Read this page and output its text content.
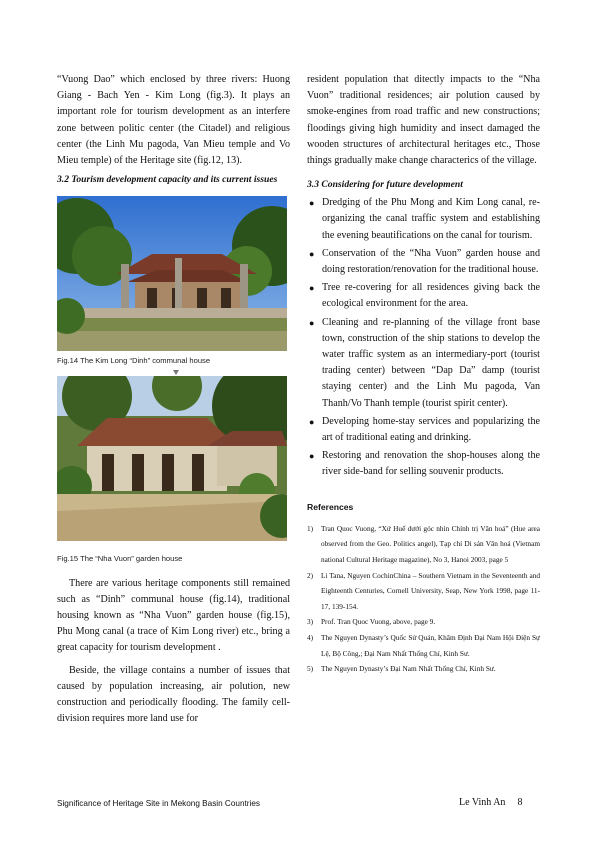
“Vuong Dao” which enclosed by three rivers: Huong Giang - Bach Yen - Kim Long (fig.3). It plays an important role for tourism development as an interfere zone between politic center (the Citadel) and religious center (the Linh Mu pagoda, Van Mieu temple and Vo Mieu temple) of the Heritage site (fig.12, 13).

3.2 Tourism development capacity and its current issues

Fig.14 The Kim Long “Dinh” communal house

Fig.15 The “Nha Vuon” garden house

There are various heritage components still remained such as “Dinh” communal house (fig.14), traditional housing known as “Nha Vuon” garden house (fig.15), Phu Mong canal (a trace of Kim Long river) etc., bring a great capacity for tourism development .

Beside, the village contains a number of issues that caused by population increasing, air polution, new construction and periodically flooding. The family cell-division requires more land use for

resident population that ditectly impacts to the “Nha Vuon” traditional residences; air polution caused by smoke-engines from road traffic and new constructions; floodings giving high humidity and insect damaged the wooden structures of architectural heritages etc., Those things gradually make change characterics of the village.

3.3 Considering for future development

● Dredging of the Phu Mong and Kim Long canal, re-organizing the canal traffic system and establishing the evening beautifications on the canal for tourism.
● Conservation of the “Nha Vuon” garden house and doing restoration/renovation for the traditional house.
● Tree re-covering for all residences giving back the ecological environment for the area.
● Cleaning and re-planning of the village front base town, construction of the ship stations to develop the water traffic system as an intermediary-port (tourist trading center) between “Dap Da” damp (tourist staying center) and the Linh Mu pagoda, Van Thanh/Vo Thanh temple (tourist spirit center).
● Developing home-stay services and popularizing the art of traditional eating and drinking.
● Restoring and renovation the shop-houses along the river side-band for selling souvenir products.

References

1) Tran Quoc Vuong, “Xứ Huế dưới góc nhìn Chính trị Văn hoá” (Hue area observed from the Geo. Politics angel), Tạp chí Di sản Văn hoá (Vietnam national Cultural Heritage magazine), No 3, Hanoi 2003, page 5
2) Li Tana, Nguyen CochinChina – Southern Vietnam in the Seventeenth and Eighteenth Centuries, Cornell University, Seap, New York 1998, page 11-17, 139-154.
3) Prof. Tran Quoc Vuong, above, page 9.
4) The Nguyen Dynasty’s Quốc Sử Quán, Khâm Định Đại Nam Hội Điện Sự Lệ, Bộ Công,; Đại Nam Nhất Thống Chí, Kinh Sư.
5) The Nguyen Dynasty’s Đại Nam Nhất Thống Chí, Kinh Sư.
Significance of Heritage Site in Mekong Basin Countries	Le Vinh An 8
